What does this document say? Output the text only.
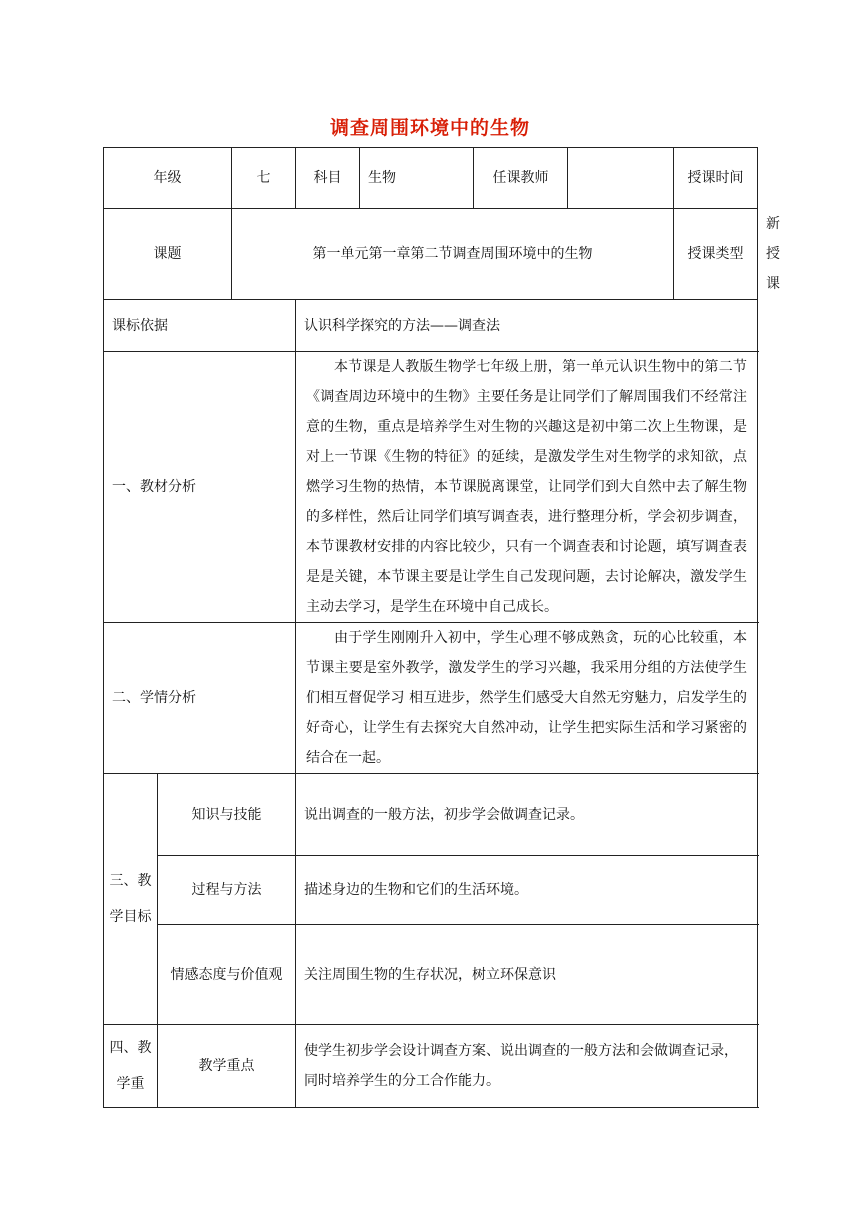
调查周围环境中的生物
年级		七	科目	生物	任课教师		授课时间	
课题		第一单元第一章第二节调查周围环境中的生物					授课类型	新授课
课标依据			认识科学探究的方法——调查法					
一、教材分析			本节课是人教版生物学七年级上册，第一单元认识生物中的第二节《调查周边环境中的生物》主要任务是让同学们了解周围我们不经常注意的生物，重点是培养学生对生物的兴趣这是初中第二次上生物课，是对上一节课《生物的特征》的延续，是激发学生对生物学的求知欲，点燃学习生物的热情，本节课脱离课堂，让同学们到大自然中去了解生物的多样性，然后让同学们填写调查表，进行整理分析，学会初步调查，本节课教材安排的内容比较少，只有一个调查表和讨论题，填写调查表是是关键，本节课主要是让学生自己发现问题，去讨论解决，激发学生主动去学习，是学生在环境中自己成长。					
二、学情分析			由于学生刚刚升入初中，学生心理不够成熟贪，玩的心比较重，本节课主要是室外教学，激发学生的学习兴趣，我采用分组的方法使学生们相互督促学习 相互进步，然学生们感受大自然无穷魅力，启发学生的好奇心，让学生有去探究大自然冲动，让学生把实际生活和学习紧密的结合在一起。					
三、教学目标	知识与技能		说出调查的一般方法，初步学会做调查记录。					
	过程与方法		描述身边的生物和它们的生活环境。					
	情感态度与价值观		关注周围生物的生存状况，树立环保意识					
四、教学重	教学重点		使学生初步学会设计调查方案、说出调查的一般方法和会做调查记录，同时培养学生的分工合作能力。					
